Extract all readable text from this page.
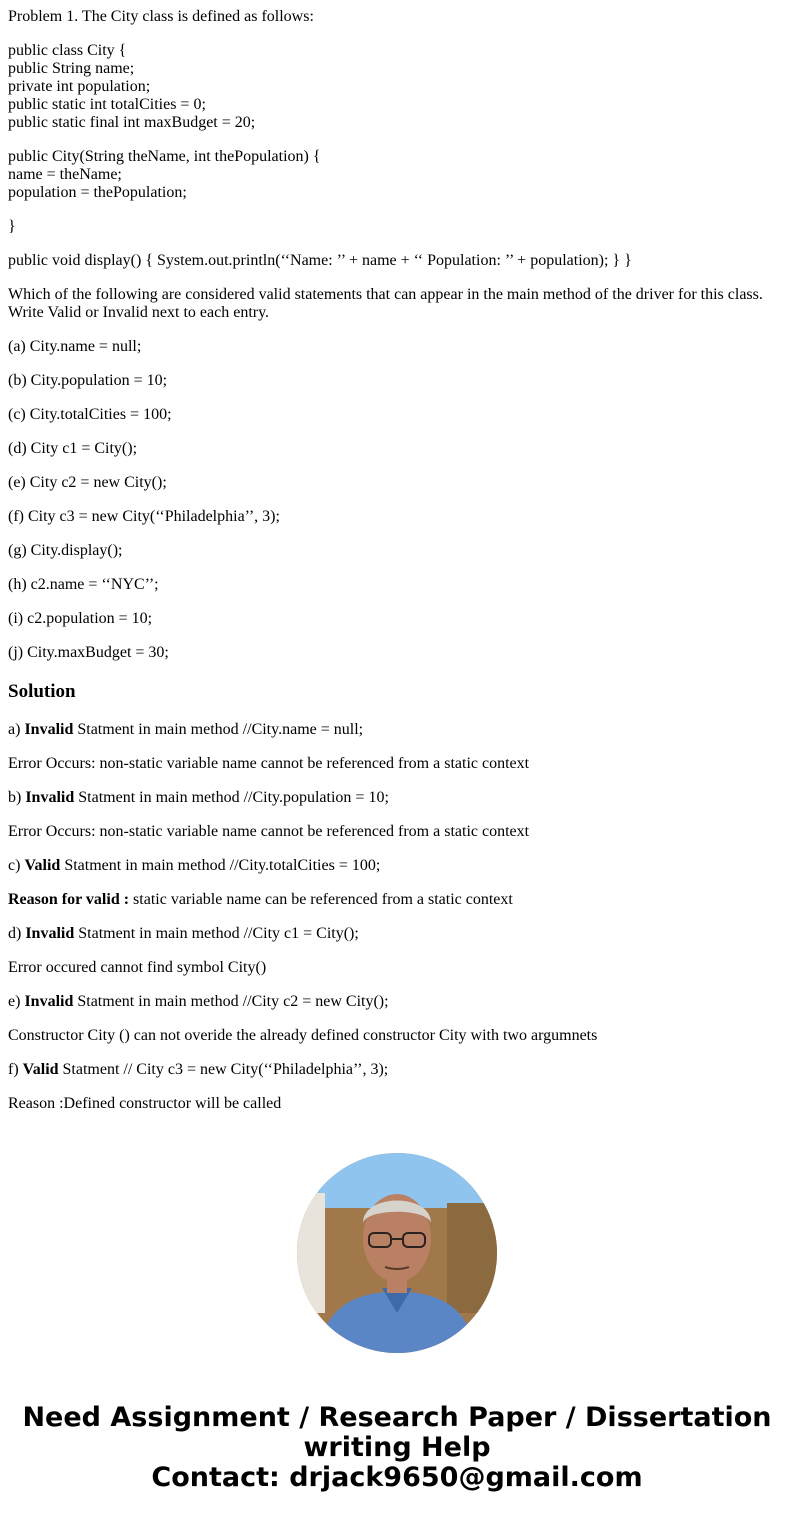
Problem 1. The City class is defined as follows:

public class City {
public String name;
private int population;
public static int totalCities = 0;
public static final int maxBudget = 20;
public City(String theName, int thePopulation) {
name = theName;
population = thePopulation;

}

public void display() { System.out.println(‘‘Name: ’’ + name + ‘‘ Population: ’’ + population); } }

Which of the following are considered valid statements that can appear in the main method of the driver for this class.
Write Valid or Invalid next to each entry.

(a) City.name = null;

(b) City.population = 10;

(c) City.totalCities = 100;

(d) City c1 = City();

(e) City c2 = new City();

(f) City c3 = new City(‘‘Philadelphia’’, 3);

(g) City.display();

(h) c2.name = ‘‘NYC’’;

(i) c2.population = 10;

(j) City.maxBudget = 30;

Solution

a) Invalid Statment in main method //City.name = null;

Error Occurs: non-static variable name cannot be referenced from a static context

b) Invalid Statment in main method //City.population = 10;

Error Occurs: non-static variable name cannot be referenced from a static context

c) Valid Statment in main method //City.totalCities = 100;

Reason for valid : static variable name can be referenced from a static context

d) Invalid Statment in main method //City c1 = City();

Error occured cannot find symbol City()

e) Invalid Statment in main method //City c2 = new City();

Constructor City () can not overide the already defined constructor City with two argumnets

f) Valid Statment // City c3 = new City(‘‘Philadelphia’’, 3);

Reason :Defined constructor will be called

Need Assignment / Research Paper / Dissertation
writing Help
Contact: drjack9650@gmail.com
